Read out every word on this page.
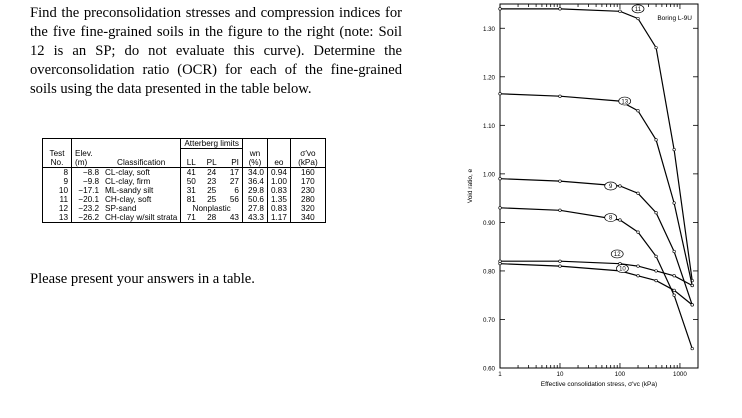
Find the preconsolidation stresses and compression indices for the five fine-grained soils in the figure to the right (note: Soil 12 is an SP; do not evaluate this curve). Determine the overconsolidation ratio (OCR) for each of the fine-grained soils using the data presented in the table below.

			Atterberg limits					
Test No.	Elev. (m)	Classification	LL	PL	PI	wn (%)	eo	σ′vo (kPa)
8	−8.8	CL-clay, soft	41	24	17	34.0	0.94	160
9	−9.8	CL-clay, firm	50	23	27	36.4	1.00	170
10	−17.1	ML-sandy silt	31	25	6	29.8	0.83	230
11	−20.1	CH-clay, soft	81	25	56	50.6	1.35	280
12	−23.2	SP-sand	Nonplastic			27.8	0.83	320
13	−26.2	CH-clay w/silt strata	71	28	43	43.3	1.17	340
Please present your answers in a table.
0.60
0.70
0.80
0.90
1.00
1.10
1.20
1.30
1	10	100	1000
Effective consolidation stress, σ′vc (kPa)
Void ratio, e
Boring L-9U
11
13
9
8
12
10
